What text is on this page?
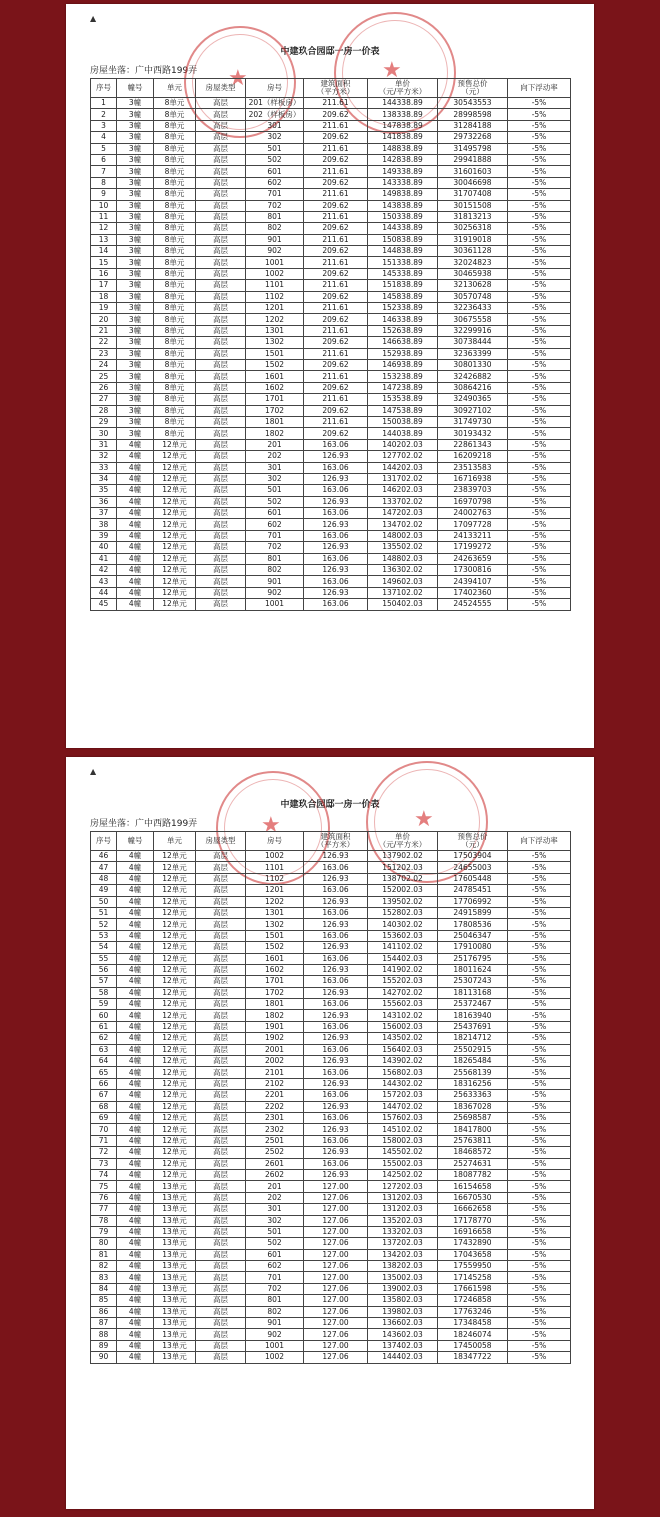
▲
中建玖合园邸一房一价表
房屋坐落：广中西路199弄 ★	★
序号	幢号	单元	房屋类型	房号	建筑面积
（平方米）	单价
（元/平方米）	预售总价
（元）	向下浮动率
1	3幢	8单元	高层	201（样板房）	211.61	144338.89	30543553	-5%
2	3幢	8单元	高层	202（样板房）	209.62	138338.89	28998598	-5%
3	3幢	8单元	高层	301	211.61	147838.89	31284188	-5%
4	3幢	8单元	高层	302	209.62	141838.89	29732268	-5%
5	3幢	8单元	高层	501	211.61	148838.89	31495798	-5%
6	3幢	8单元	高层	502	209.62	142838.89	29941888	-5%
7	3幢	8单元	高层	601	211.61	149338.89	31601603	-5%
8	3幢	8单元	高层	602	209.62	143338.89	30046698	-5%
9	3幢	8单元	高层	701	211.61	149838.89	31707408	-5%
10	3幢	8单元	高层	702	209.62	143838.89	30151508	-5%
11	3幢	8单元	高层	801	211.61	150338.89	31813213	-5%
12	3幢	8单元	高层	802	209.62	144338.89	30256318	-5%
13	3幢	8单元	高层	901	211.61	150838.89	31919018	-5%
14	3幢	8单元	高层	902	209.62	144838.89	30361128	-5%
15	3幢	8单元	高层	1001	211.61	151338.89	32024823	-5%
16	3幢	8单元	高层	1002	209.62	145338.89	30465938	-5%
17	3幢	8单元	高层	1101	211.61	151838.89	32130628	-5%
18	3幢	8单元	高层	1102	209.62	145838.89	30570748	-5%
19	3幢	8单元	高层	1201	211.61	152338.89	32236433	-5%
20	3幢	8单元	高层	1202	209.62	146338.89	30675558	-5%
21	3幢	8单元	高层	1301	211.61	152638.89	32299916	-5%
22	3幢	8单元	高层	1302	209.62	146638.89	30738444	-5%
23	3幢	8单元	高层	1501	211.61	152938.89	32363399	-5%
24	3幢	8单元	高层	1502	209.62	146938.89	30801330	-5%
25	3幢	8单元	高层	1601	211.61	153238.89	32426882	-5%
26	3幢	8单元	高层	1602	209.62	147238.89	30864216	-5%
27	3幢	8单元	高层	1701	211.61	153538.89	32490365	-5%
28	3幢	8单元	高层	1702	209.62	147538.89	30927102	-5%
29	3幢	8单元	高层	1801	211.61	150038.89	31749730	-5%
30	3幢	8单元	高层	1802	209.62	144038.89	30193432	-5%
31	4幢	12单元	高层	201	163.06	140202.03	22861343	-5%
32	4幢	12单元	高层	202	126.93	127702.02	16209218	-5%
33	4幢	12单元	高层	301	163.06	144202.03	23513583	-5%
34	4幢	12单元	高层	302	126.93	131702.02	16716938	-5%
35	4幢	12单元	高层	501	163.06	146202.03	23839703	-5%
36	4幢	12单元	高层	502	126.93	133702.02	16970798	-5%
37	4幢	12单元	高层	601	163.06	147202.03	24002763	-5%
38	4幢	12单元	高层	602	126.93	134702.02	17097728	-5%
39	4幢	12单元	高层	701	163.06	148002.03	24133211	-5%
40	4幢	12单元	高层	702	126.93	135502.02	17199272	-5%
41	4幢	12单元	高层	801	163.06	148802.03	24263659	-5%
42	4幢	12单元	高层	802	126.93	136302.02	17300816	-5%
43	4幢	12单元	高层	901	163.06	149602.03	24394107	-5%
44	4幢	12单元	高层	902	126.93	137102.02	17402360	-5%
45	4幢	12单元	高层	1001	163.06	150402.03	24524555	-5%
▲
中建玖合园邸一房一价表
房屋坐落：广中西路199弄	★	★
序号	幢号	单元	房屋类型	房号	建筑面积
（平方米）	单价
（元/平方米）	预售总价
（元）	向下浮动率
46	4幢	12单元	高层	1002	126.93	137902.02	17503904	-5%
47	4幢	12单元	高层	1101	163.06	151202.03	24655003	-5%
48	4幢	12单元	高层	1102	126.93	138702.02	17605448	-5%
49	4幢	12单元	高层	1201	163.06	152002.03	24785451	-5%
50	4幢	12单元	高层	1202	126.93	139502.02	17706992	-5%
51	4幢	12单元	高层	1301	163.06	152802.03	24915899	-5%
52	4幢	12单元	高层	1302	126.93	140302.02	17808536	-5%
53	4幢	12单元	高层	1501	163.06	153602.03	25046347	-5%
54	4幢	12单元	高层	1502	126.93	141102.02	17910080	-5%
55	4幢	12单元	高层	1601	163.06	154402.03	25176795	-5%
56	4幢	12单元	高层	1602	126.93	141902.02	18011624	-5%
57	4幢	12单元	高层	1701	163.06	155202.03	25307243	-5%
58	4幢	12单元	高层	1702	126.93	142702.02	18113168	-5%
59	4幢	12单元	高层	1801	163.06	155602.03	25372467	-5%
60	4幢	12单元	高层	1802	126.93	143102.02	18163940	-5%
61	4幢	12单元	高层	1901	163.06	156002.03	25437691	-5%
62	4幢	12单元	高层	1902	126.93	143502.02	18214712	-5%
63	4幢	12单元	高层	2001	163.06	156402.03	25502915	-5%
64	4幢	12单元	高层	2002	126.93	143902.02	18265484	-5%
65	4幢	12单元	高层	2101	163.06	156802.03	25568139	-5%
66	4幢	12单元	高层	2102	126.93	144302.02	18316256	-5%
67	4幢	12单元	高层	2201	163.06	157202.03	25633363	-5%
68	4幢	12单元	高层	2202	126.93	144702.02	18367028	-5%
69	4幢	12单元	高层	2301	163.06	157602.03	25698587	-5%
70	4幢	12单元	高层	2302	126.93	145102.02	18417800	-5%
71	4幢	12单元	高层	2501	163.06	158002.03	25763811	-5%
72	4幢	12单元	高层	2502	126.93	145502.02	18468572	-5%
73	4幢	12单元	高层	2601	163.06	155002.03	25274631	-5%
74	4幢	12单元	高层	2602	126.93	142502.02	18087782	-5%
75	4幢	13单元	高层	201	127.00	127202.03	16154658	-5%
76	4幢	13单元	高层	202	127.06	131202.03	16670530	-5%
77	4幢	13单元	高层	301	127.00	131202.03	16662658	-5%
78	4幢	13单元	高层	302	127.06	135202.03	17178770	-5%
79	4幢	13单元	高层	501	127.00	133202.03	16916658	-5%
80	4幢	13单元	高层	502	127.06	137202.03	17432890	-5%
81	4幢	13单元	高层	601	127.00	134202.03	17043658	-5%
82	4幢	13单元	高层	602	127.06	138202.03	17559950	-5%
83	4幢	13单元	高层	701	127.00	135002.03	17145258	-5%
84	4幢	13单元	高层	702	127.06	139002.03	17661598	-5%
85	4幢	13单元	高层	801	127.00	135802.03	17246858	-5%
86	4幢	13单元	高层	802	127.06	139802.03	17763246	-5%
87	4幢	13单元	高层	901	127.00	136602.03	17348458	-5%
88	4幢	13单元	高层	902	127.06	143602.03	18246074	-5%
89	4幢	13单元	高层	1001	127.00	137402.03	17450058	-5%
90	4幢	13单元	高层	1002	127.06	144402.03	18347722	-5%
公众号 · 泊上好房
搜狐号@搜狐焦点宿州站
